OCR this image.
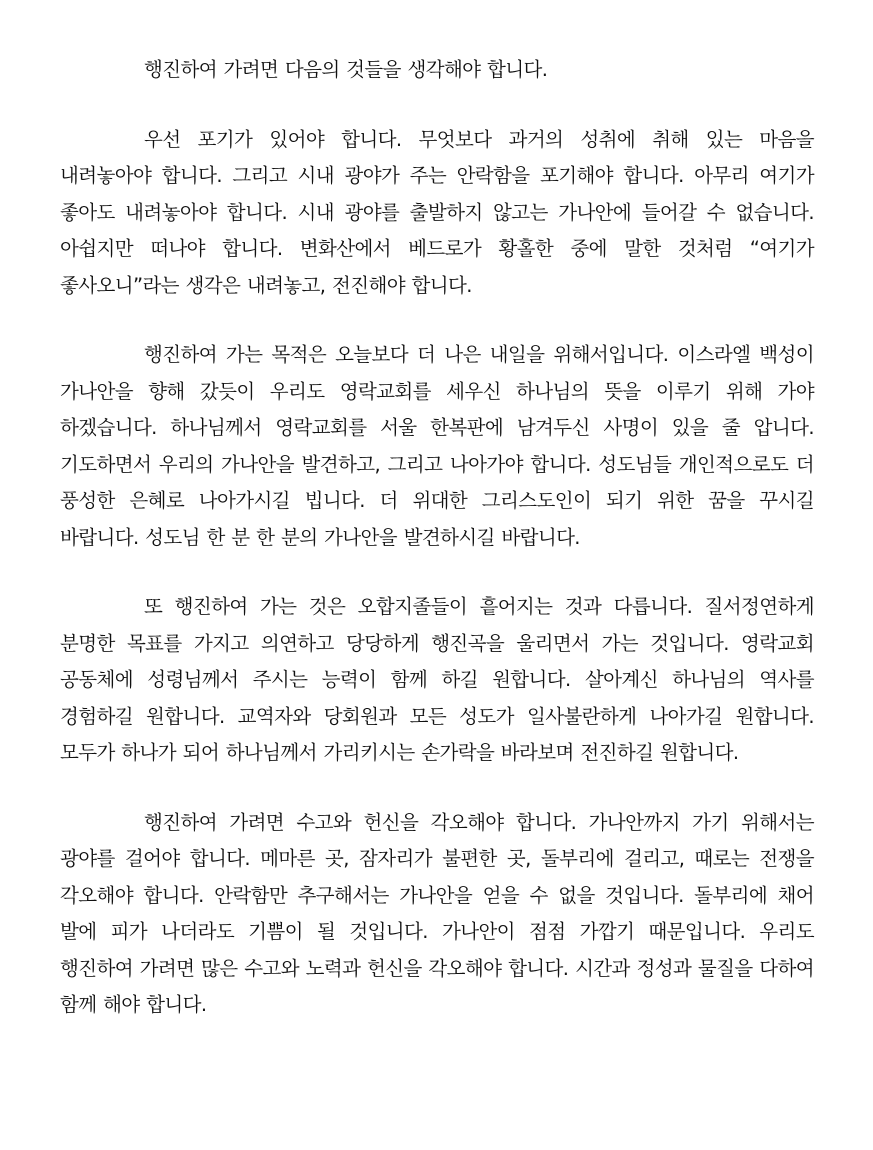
행진하여 가려면 다음의 것들을 생각해야 합니다.

우선 포기가 있어야 합니다. 무엇보다 과거의 성취에 취해 있는 마음을 내려놓아야 합니다. 그리고 시내 광야가 주는 안락함을 포기해야 합니다. 아무리 여기가 좋아도 내려놓아야 합니다. 시내 광야를 출발하지 않고는 가나안에 들어갈 수 없습니다. 아쉽지만 떠나야 합니다. 변화산에서 베드로가 황홀한 중에 말한 것처럼 “여기가 좋사오니”라는 생각은 내려놓고, 전진해야 합니다.

행진하여 가는 목적은 오늘보다 더 나은 내일을 위해서입니다. 이스라엘 백성이 가나안을 향해 갔듯이 우리도 영락교회를 세우신 하나님의 뜻을 이루기 위해 가야 하겠습니다. 하나님께서 영락교회를 서울 한복판에 남겨두신 사명이 있을 줄 압니다. 기도하면서 우리의 가나안을 발견하고, 그리고 나아가야 합니다. 성도님들 개인적으로도 더 풍성한 은혜로 나아가시길 빕니다. 더 위대한 그리스도인이 되기 위한 꿈을 꾸시길 바랍니다. 성도님 한 분 한 분의 가나안을 발견하시길 바랍니다.

또 행진하여 가는 것은 오합지졸들이 흩어지는 것과 다릅니다. 질서정연하게 분명한 목표를 가지고 의연하고 당당하게 행진곡을 울리면서 가는 것입니다. 영락교회 공동체에 성령님께서 주시는 능력이 함께 하길 원합니다. 살아계신 하나님의 역사를 경험하길 원합니다. 교역자와 당회원과 모든 성도가 일사불란하게 나아가길 원합니다. 모두가 하나가 되어 하나님께서 가리키시는 손가락을 바라보며 전진하길 원합니다.

행진하여 가려면 수고와 헌신을 각오해야 합니다. 가나안까지 가기 위해서는 광야를 걸어야 합니다. 메마른 곳, 잠자리가 불편한 곳, 돌부리에 걸리고, 때로는 전쟁을 각오해야 합니다. 안락함만 추구해서는 가나안을 얻을 수 없을 것입니다. 돌부리에 채어 발에 피가 나더라도 기쁨이 될 것입니다. 가나안이 점점 가깝기 때문입니다. 우리도 행진하여 가려면 많은 수고와 노력과 헌신을 각오해야 합니다. 시간과 정성과 물질을 다하여 함께 해야 합니다.
